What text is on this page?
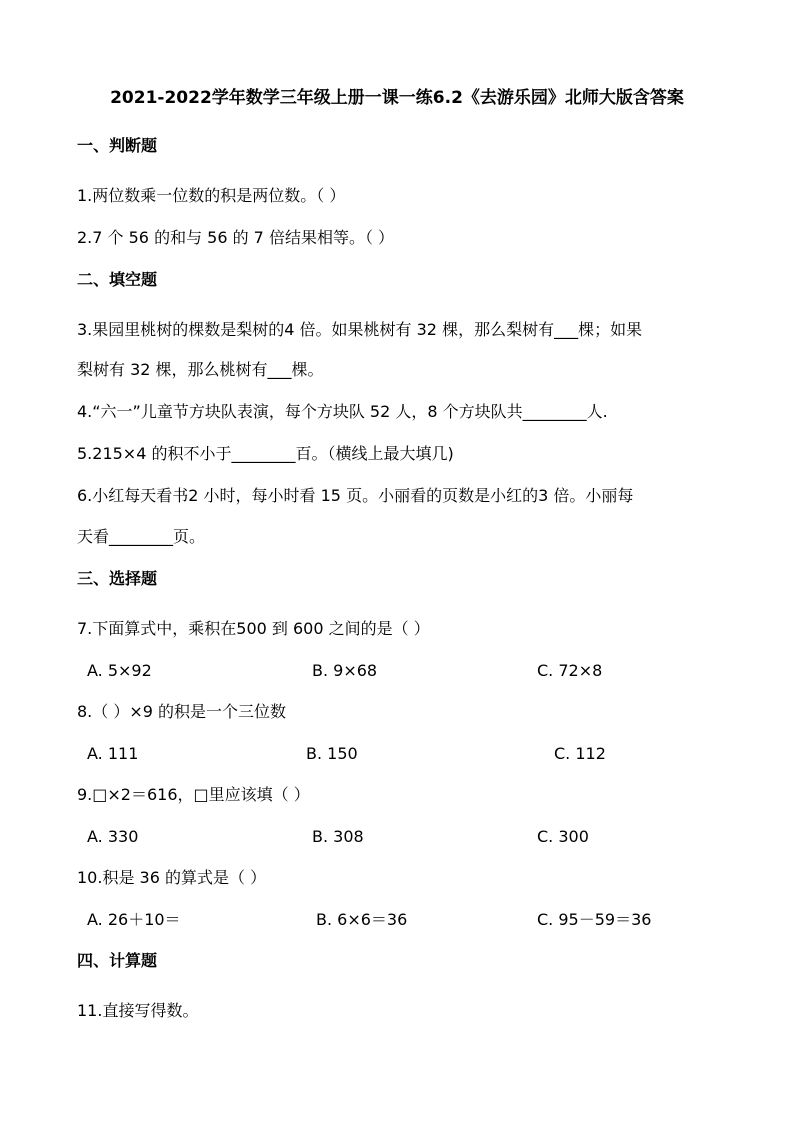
2021-2022学年数学三年级上册一课一练6.2《去游乐园》北师大版含答案
一、判断题
1.两位数乘一位数的积是两位数。（ ）
2.7 个 56 的和与 56 的 7 倍结果相等。（ ）
二、填空题
3.果园里桃树的棵数是梨树的4 倍。如果桃树有 32 棵，那么梨树有___棵；如果
梨树有 32 棵，那么桃树有___棵。
4.“六一”儿童节方块队表演，每个方块队 52 人，8 个方块队共________人.
5.215×4 的积不小于________百。（横线上最大填几)
6.小红每天看书2 小时，每小时看 15 页。小丽看的页数是小红的3 倍。小丽每
天看________页。
三、选择题
7.下面算式中，乘积在500 到 600 之间的是（ ）
A. 5×92	B. 9×68	C. 72×8
8.（ ）×9 的积是一个三位数
A. 111	B. 150	C. 112
9.□×2＝616，□里应该填（ ）
A. 330	B. 308	C. 300
10.积是 36 的算式是（ ）
A. 26＋10＝	B. 6×6＝36	C. 95－59＝36
四、计算题
11.直接写得数。
